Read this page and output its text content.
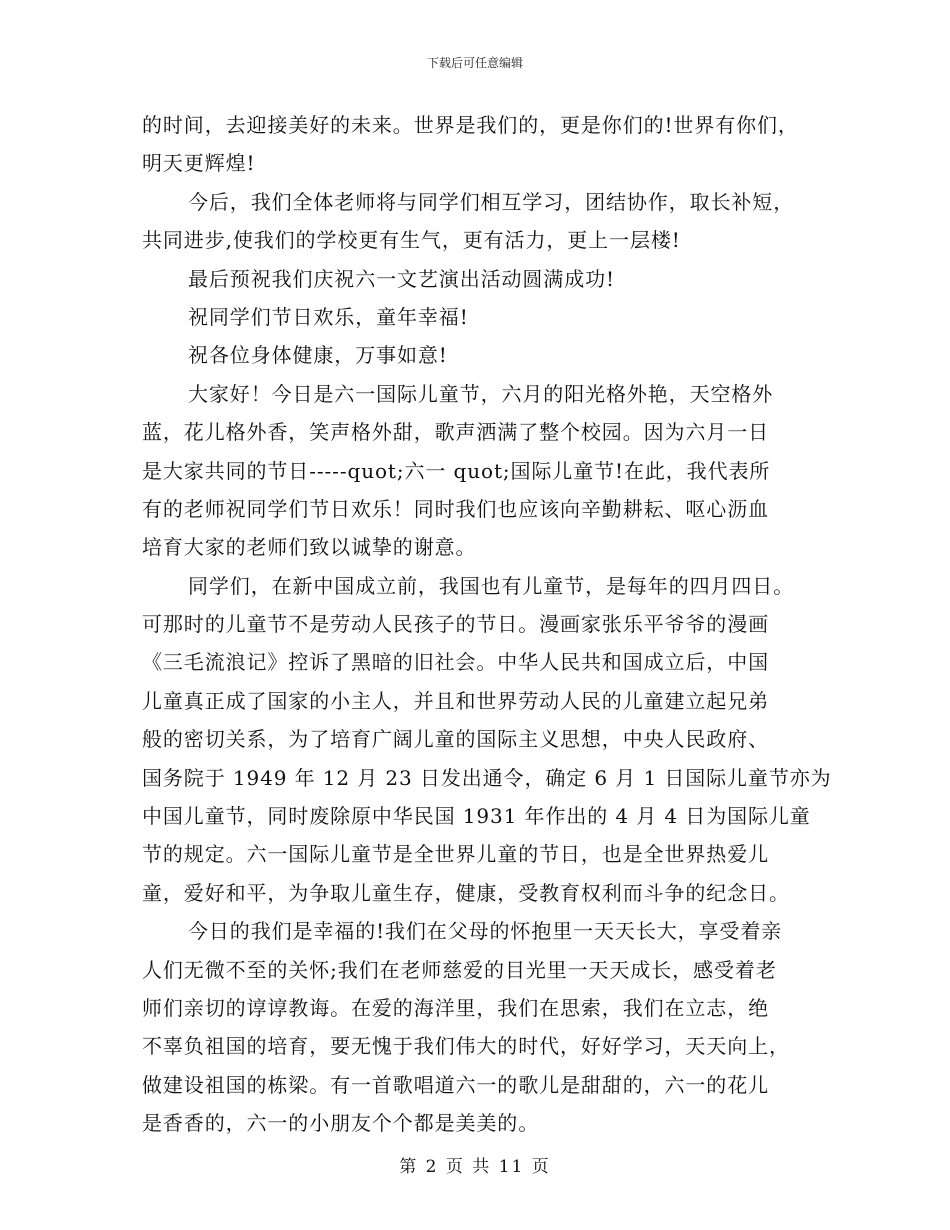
下载后可任意编辑
的时间，去迎接美好的未来。世界是我们的，更是你们的!世界有你们，
明天更辉煌!
今后，我们全体老师将与同学们相互学习，团结协作，取长补短，
共同进步,使我们的学校更有生气，更有活力，更上一层楼!
最后预祝我们庆祝六一文艺演出活动圆满成功!
祝同学们节日欢乐，童年幸福!
祝各位身体健康，万事如意!
大家好！今日是六一国际儿童节，六月的阳光格外艳，天空格外
蓝，花儿格外香，笑声格外甜，歌声洒满了整个校园。因为六月一日
是大家共同的节日-----quot;六一 quot;国际儿童节!在此，我代表所
有的老师祝同学们节日欢乐！同时我们也应该向辛勤耕耘、呕心沥血
培育大家的老师们致以诚挚的谢意。
同学们，在新中国成立前，我国也有儿童节，是每年的四月四日。
可那时的儿童节不是劳动人民孩子的节日。漫画家张乐平爷爷的漫画
《三毛流浪记》控诉了黑暗的旧社会。中华人民共和国成立后，中国
儿童真正成了国家的小主人，并且和世界劳动人民的儿童建立起兄弟
般的密切关系，为了培育广阔儿童的国际主义思想，中央人民政府、
国务院于 1949 年 12 月 23 日发出通令，确定 6 月 1 日国际儿童节亦为
中国儿童节，同时废除原中华民国 1931 年作出的 4 月 4 日为国际儿童
节的规定。六一国际儿童节是全世界儿童的节日，也是全世界热爱儿
童，爱好和平，为争取儿童生存，健康，受教育权利而斗争的纪念日。
今日的我们是幸福的!我们在父母的怀抱里一天天长大，享受着亲
人们无微不至的关怀;我们在老师慈爱的目光里一天天成长，感受着老
师们亲切的谆谆教诲。在爱的海洋里，我们在思索，我们在立志，绝
不辜负祖国的培育，要无愧于我们伟大的时代，好好学习，天天向上，
做建设祖国的栋梁。有一首歌唱道六一的歌儿是甜甜的，六一的花儿
是香香的，六一的小朋友个个都是美美的。
第 2 页 共 11 页
